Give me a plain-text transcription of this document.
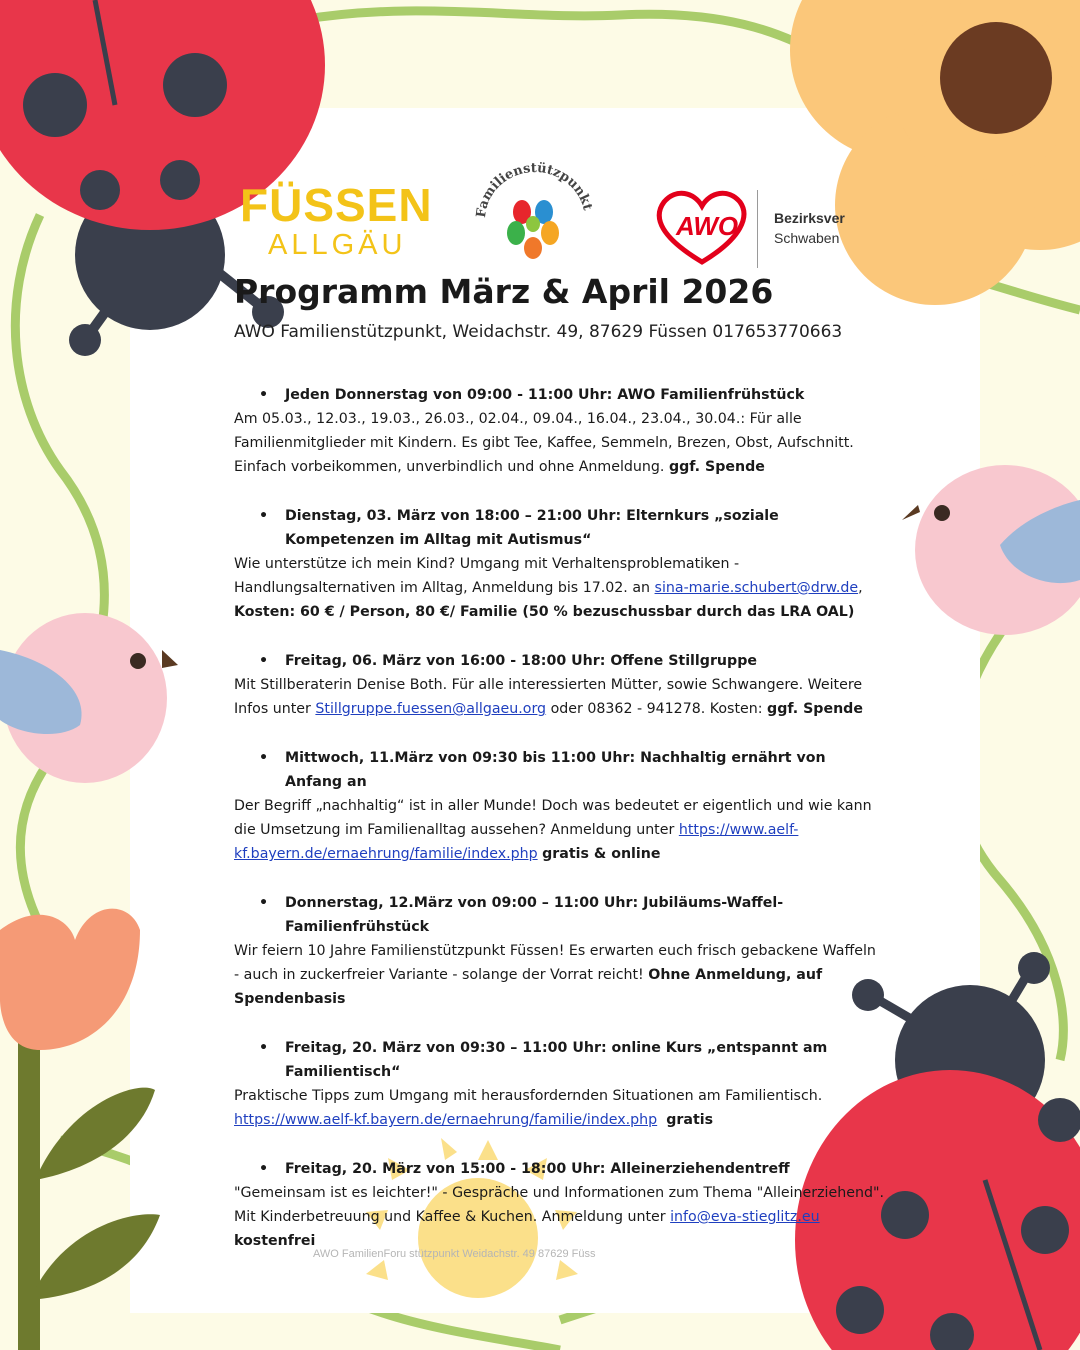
FÜSSEN
ALLGÄU
Familienstützpunkt
AWO	Bezirksver
Schwaben
Programm März & April 2026
AWO Familienstützpunkt, Weidachstr. 49, 87629 Füssen 017653770663
• Jeden Donnerstag von 09:00 - 11:00 Uhr: AWO Familienfrühstück
Am 05.03., 12.03., 19.03., 26.03., 02.04., 09.04., 16.04., 23.04., 30.04.: Für alle Familienmitglieder mit Kindern. Es gibt Tee, Kaffee, Semmeln, Brezen, Obst, Aufschnitt. Einfach vorbeikommen, unverbindlich und ohne Anmeldung. ggf. Spende
• Dienstag, 03. März von 18:00 – 21:00 Uhr: Elternkurs „soziale Kompetenzen im Alltag mit Autismus“
Wie unterstütze ich mein Kind? Umgang mit Verhaltensproblematiken - Handlungsalternativen im Alltag, Anmeldung bis 17.02. an sina-marie.schubert@drw.de,
Kosten: 60 € / Person, 80 €/ Familie (50 % bezuschussbar durch das LRA OAL)
• Freitag, 06. März von 16:00 - 18:00 Uhr: Offene Stillgruppe
Mit Stillberaterin Denise Both. Für alle interessierten Mütter, sowie Schwangere. Weitere Infos unter Stillgruppe.fuessen@allgaeu.org oder 08362 - 941278. Kosten: ggf. Spende
• Mittwoch, 11.März von 09:30 bis 11:00 Uhr: Nachhaltig ernährt von Anfang an
Der Begriff „nachhaltig“ ist in aller Munde! Doch was bedeutet er eigentlich und wie kann die Umsetzung im Familienalltag aussehen? Anmeldung unter https://www.aelf-kf.bayern.de/ernaehrung/familie/index.php gratis & online
• Donnerstag, 12.März von 09:00 – 11:00 Uhr: Jubiläums-Waffel-Familienfrühstück
Wir feiern 10 Jahre Familienstützpunkt Füssen! Es erwarten euch frisch gebackene Waffeln - auch in zuckerfreier Variante - solange der Vorrat reicht! Ohne Anmeldung, auf Spendenbasis
• Freitag, 20. März von 09:30 – 11:00 Uhr: online Kurs „entspannt am Familientisch“
Praktische Tipps zum Umgang mit herausfordernden Situationen am Familientisch.
https://www.aelf-kf.bayern.de/ernaehrung/familie/index.php gratis
• Freitag, 20. März von 15:00 - 18:00 Uhr: Alleinerziehendentreff
"Gemeinsam ist es leichter!" - Gespräche und Informationen zum Thema "Alleinerziehend". Mit Kinderbetreuung und Kaffee & Kuchen. Anmeldung unter info@eva-stieglitz.eu kostenfrei
AWO FamilienForu stützpunkt Weidachstr. 49 87629 Füss
